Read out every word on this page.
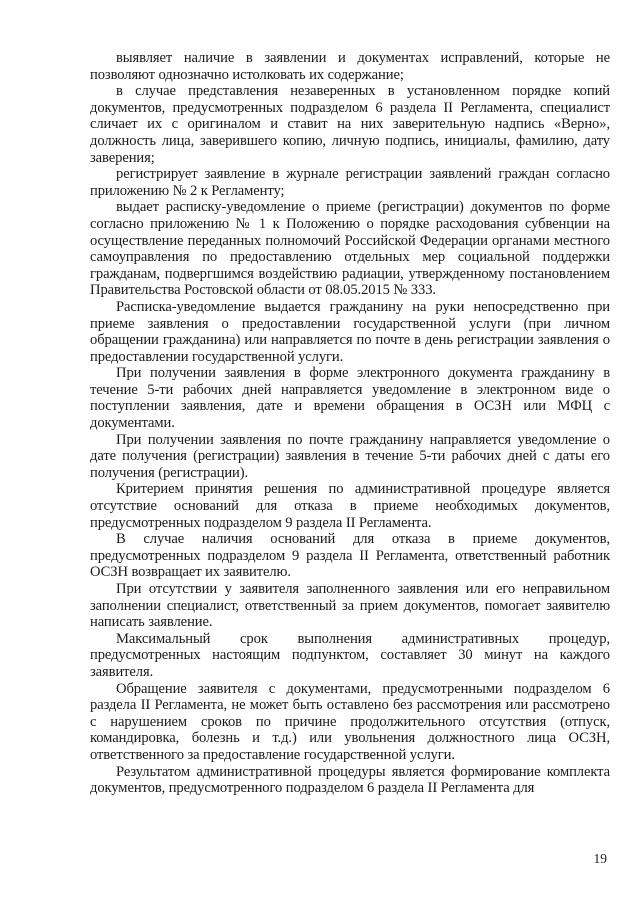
выявляет наличие в заявлении и документах исправлений, которые не позволяют однозначно истолковать их содержание;

в случае представления незаверенных в установленном порядке копий документов, предусмотренных подразделом 6 раздела II Регламента, специалист сличает их с оригиналом и ставит на них заверительную надпись «Верно», должность лица, заверившего копию, личную подпись, инициалы, фамилию, дату заверения;

регистрирует заявление в журнале регистрации заявлений граждан согласно приложению № 2 к Регламенту;

выдает расписку-уведомление о приеме (регистрации) документов по форме согласно приложению № 1 к Положению о порядке расходования субвенции на осуществление переданных полномочий Российской Федерации органами местного самоуправления по предоставлению отдельных мер социальной поддержки гражданам, подвергшимся воздействию радиации, утвержденному постановлением Правительства Ростовской области от 08.05.2015 № 333.

Расписка-уведомление выдается гражданину на руки непосредственно при приеме заявления о предоставлении государственной услуги (при личном обращении гражданина) или направляется по почте в день регистрации заявления о предоставлении государственной услуги.

При получении заявления в форме электронного документа гражданину в течение 5-ти рабочих дней направляется уведомление в электронном виде о поступлении заявления, дате и времени обращения в ОСЗН или МФЦ с документами.

При получении заявления по почте гражданину направляется уведомление о дате получения (регистрации) заявления в течение 5-ти рабочих дней с даты его получения (регистрации).

Критерием принятия решения по административной процедуре является отсутствие оснований для отказа в приеме необходимых документов, предусмотренных подразделом 9 раздела II Регламента.

В случае наличия оснований для отказа в приеме документов, предусмотренных подразделом 9 раздела II Регламента, ответственный работник ОСЗН возвращает их заявителю.

При отсутствии у заявителя заполненного заявления или его неправильном заполнении специалист, ответственный за прием документов, помогает заявителю написать заявление.

Максимальный срок выполнения административных процедур, предусмотренных настоящим подпунктом, составляет 30 минут на каждого заявителя.

Обращение заявителя с документами, предусмотренными подразделом 6 раздела II Регламента, не может быть оставлено без рассмотрения или рассмотрено с нарушением сроков по причине продолжительного отсутствия (отпуск, командировка, болезнь и т.д.) или увольнения должностного лица ОСЗН, ответственного за предоставление государственной услуги.

Результатом административной процедуры является формирование комплекта документов, предусмотренного подразделом 6 раздела II Регламента для

19
